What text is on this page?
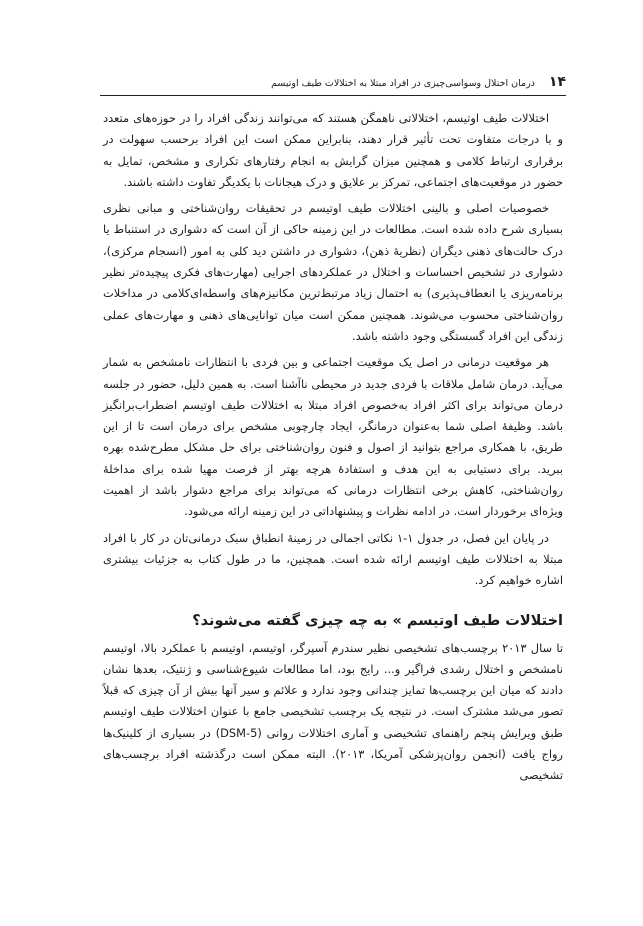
۱۴
درمان اختلال وسواسی‌چیزی در افراد مبتلا به اختلالات طیف اوتیسم

اختلالات طیف اوتیسم، اختلالاتی ناهمگن هستند که می‌توانند زندگی افراد را در حوزه‌های متعدد و با درجات متفاوت تحت تأثیر قرار دهند، بنابراین ممکن است این افراد برحسب سهولت در برقراری ارتباط کلامی و همچنین میزان گرایش به انجام رفتارهای تکراری و مشخص، تمایل به حضور در موقعیت‌های اجتماعی، تمرکز بر علایق و درک هیجانات با یکدیگر تفاوت داشته باشند.

خصوصیات اصلی و بالینی اختلالات طیف اوتیسم در تحقیقات روان‌شناختی و مبانی نظری بسیاری شرح داده شده است. مطالعات در این زمینه حاکی از آن است که دشواری در استنباط یا درک حالت‌های ذهنی دیگران (نظریهٔ ذهن)، دشواری در داشتن دید کلی به امور (انسجام مرکزی)، دشواری در تشخیص احساسات و اختلال در عملکردهای اجرایی (مهارت‌های فکری پیچیده‌تر نظیر برنامه‌ریزی یا انعطاف‌پذیری) به احتمال زیاد مرتبط‌ترین مکانیزم‌های واسطه‌ای‌کلامی در مداخلات روان‌شناختی محسوب می‌شوند. همچنین ممکن است میان توانایی‌های ذهنی و مهارت‌های عملی زندگی این افراد گسستگی وجود داشته باشد.

هر موقعیت درمانی در اصل یک موقعیت اجتماعی و بین فردی با انتظارات نامشخص به شمار می‌آید. درمان شامل ملاقات با فردی جدید در محیطی ناآشنا است. به همین دلیل، حضور در جلسه درمان می‌تواند برای اکثر افراد به‌خصوص افراد مبتلا به اختلالات طیف اوتیسم اضطراب‌برانگیز باشد. وظیفهٔ اصلی شما به‌عنوان درمانگر، ایجاد چارچوبی مشخص برای درمان است تا از این طریق، با همکاری مراجع بتوانید از اصول و فنون روان‌شناختی برای حل مشکل مطرح‌شده بهره ببرید. برای دستیابی به این هدف و استفادهٔ هرچه بهتر از فرصت مهیا شده برای مداخلهٔ روان‌شناختی، کاهش برخی انتظارات درمانی که می‌تواند برای مراجع دشوار باشد از اهمیت ویژه‌ای برخوردار است. در ادامه نظرات و پیشنهاداتی در این زمینه ارائه می‌شود.

در پایان این فصل، در جدول ۱-۱ نکاتی اجمالی در زمینهٔ انطباق سبک درمانی‌تان در کار با افراد مبتلا به اختلالات طیف اوتیسم ارائه شده است. همچنین، ما در طول کتاب به جزئیات بیشتری اشاره خواهیم کرد.

اختلالات طیف اوتیسم » به چه چیزی گفته می‌شوند؟

تا سال ۲۰۱۳ برچسب‌های تشخیصی نظیر سندرم آسپرگر، اوتیسم، اوتیسم با عملکرد بالا، اوتیسم نامشخص و اختلال رشدی فراگیر و... رایج بود، اما مطالعات شیوع‌شناسی و ژنتیک، بعدها نشان دادند که میان این برچسب‌ها تمایز چندانی وجود ندارد و علائم و سیر آنها بیش از آن چیزی که قبلاً تصور می‌شد مشترک است. در نتیجه یک برچسب تشخیصی جامع با عنوان اختلالات طیف اوتیسم طبق ویرایش پنجم راهنمای تشخیصی و آماری اختلالات روانی (DSM-5) در بسیاری از کلینیک‌ها رواج یافت (انجمن روان‌پزشکی آمریکا، ۲۰۱۳). البته ممکن است درگذشته افراد برچسب‌های تشخیصی
